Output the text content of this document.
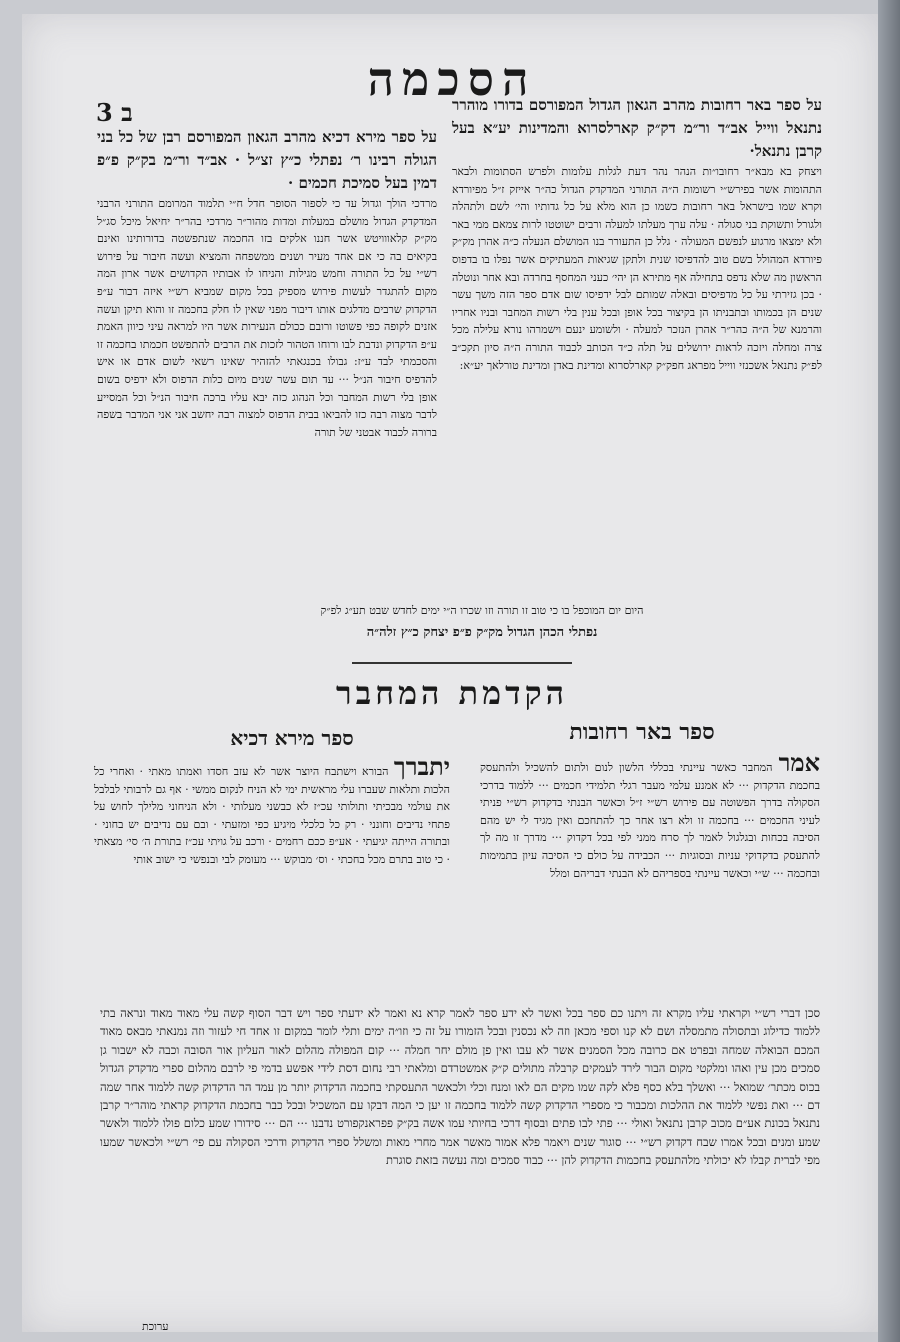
הסכמה
3 ב	על ספר באר רחובות מהרב הגאון הגדול המפורסם בדורו מוהרר נתנאל ווייל אב״ד ור״מ דק״ק קארלסרוא והמדינות יע״א בעל קרבן נתנאל·
ויצחק בא מבא״ר רחובו״ות הנהר נהר דעת לגלות עלומות ולפרש הסתומות ולבאר התהומות אשר בפירש״י רשומות ה״ה התורני המדקדק הגדול כה״ר אייזק ז״ל מפיורדא וקרא שמו בישראל באר רחובות כשמו כן הוא מלא על כל גדותיו והי׳ לשם ולתהלה ולגורל ותשוקת בני סגולה · עלה ערך מעלתו למעלה ורבים ישוטטו לרות צמאם ממי באר ולא ימצאו מרגוע לנפשם המעולה · גלל כן התעורר בנו המושלם הנעלה כ״ה אהרן מק״ק פיורדא המהולל בשם טוב להדפיסו שנית ולתקן שגיאות המעתיקים אשר נפלו בו בדפוס הראשון מה שלא נדפס בתחילה אף מתירא הן יהי׳ כעני המחסף בחרדה ובא אחר ונוטלה · בכן גזירתי על כל מדפיסים ובאלה שמותם לבל ידפיסו שום אדם ספר הזה משך עשר שנים הן בכמותו ובתבניתו הן בקיצור בכל אופן ובכל ענין בלי רשות המחבר ובניו אחריו והרמנא של ה״ה כהר״ר אהרן הנזכר למעלה · ולשומע ינעם וישמרהו נורא עלילה מכל צרה ומחלה ויזכה לראות ירושלים על תלה כ״ד הכותב לכבוד התורה ה״ה סיון תקכ״ב לפ״ק נתנאל אשכנזי ווייל מפראג חפק״ק קארלסרוא ומדינת באדן ומדינת טורלאך יע״א:
על ספר מירא דכיא מהרב הגאון המפורסם רבן של כל בני הגולה רבינו ר׳ נפתלי כ״ץ זצ״ל · אב״ד ור״מ בק״ק פ״פ דמין בעל סמיכת חכמים ·
מרדכי הולך וגדול עד כי לספור הסופר חדל ח״י תלמוד המרומם התורני הרבני המדקדק הגדול מושלם במעלות ומדות מהור״ר מרדכי בהר״ר יחיאל מיכל סג״ל מק״ק קלאווויטש אשר חננו אלקים בזו החכמה שנתפשטה בדורותינו ואינם בקיאים בה כי אם אחד מעיר ושנים ממשפחה והמציא ועשה חיבור על פירוש רש״י על כל התורה וחמש מגילות והניחו לו אבותיו הקדושים אשר ארון המה מקום להתגדר לעשות פירוש מספיק בכל מקום שמביא רש״י איזה דבור ע״פ הדקדוק שרבים מדלגים אותו דיבור מפני שאין לו חלק בחכמה זו והוא תיקן ועשה אזנים לקופה כפי פשוטו ורובם ככולם הנעירות אשר היו למראה עיני כיוון האמת ע״פ הדקדוק ונדבת לבו ורוחו הטהור לזכות את הרבים להתפשט חכמתו בחכמה זו והסכמתי לבד ע״ז: גבולו בכנגאתי להזהיר שאינו רשאי לשום אדם או איש להדפיס חיבור הנ״ל ··· עד תום עשר שנים מיום כלות הדפוס ולא ידפיס בשום אופן בלי רשות המחבר וכל הנהוג כזה יבא עליו ברכה חיבור הנ״ל וכל המסייע לדבר מצוה רבה כזו להביאו בבית הדפוס למצוה רבה יחשב אני אני המדבר בשפה ברורה לכבוד אבטני של תורה
היום יום המוכפל בו כי טוב זו תורה וזו שכרו ה״י ימים לחדש שבט תע״ג לפ״ק
נפתלי הכהן הגדול מק״ק פ״פ יצחק כ״ץ זלה״ה
הקדמת המחבר
ספר באר רחובות
ספר מירא דכיא
אמר המחבר כאשר עיינתי בכללי הלשון לנום ולתום להשכיל ולהתעסק בחכמת הדקדוק ··· לא אמנע עלמי מעבר רגלי תלמידי חכמים ··· ללמוד בדרכי הסקולה בדרך הפשוטה עם פירוש רש״י ז״ל וכאשר הבנתי בדקדוק רש״י פניתי לעיני החכמים ··· בחכמה זו ולא רצו אחר כך להתחכם ואין מגיד לי יש מהם הסיבה בכחות ובגלגול לאמר לך סרח ממני לפי בכל דקדוק ··· מדרך זו מה לך להתעסק בדקדוקי עניות ובסוגיות ··· הכבידה על כולם כי הסיבה עיון בתמימות ובחכמה ··· ש״י וכאשר עיינתי בספריהם לא הבנתי דבריהם ומלל
יתברך הבורא וישתבח היוצר אשר לא עזב חסדו ואמתו מאתי · ואחרי כל הלכות ותלאות שעברו עלי מראשית ימי לא הניח לנקום ממשי · אף גם לרבותי לבלבל את עולמי מבכיתי ותולותי עכ״ז לא כבשני מעלותי · ולא הניחוני מלילך לחוש על פתחי נדיבים וחונני · רק כל כלכלי מיגיע כפי ומזעתי · ובם עם נדיבים יש בחוני · ובתורה הייתה יגיעתי · אע״פ ככם רחמים · ורכב על גויתי עכ״ז בתורת ה׳ סי׳ מצאתי · כי טוב בתרם מכל בחכתי · וס׳ מבוקש ··· מעומק לבי ובנפשי כי ישוב אותי
סכן דברי רש״י וקראתי עליו מקרא זה ויתנו כם ספר בכל ואשר לא ידע ספר לאמר קרא נא ואמר לא ידעתי ספר ויש דבר הסוף קשה עלי מאוד מאוד ונראה בתי ללמוד כדילוג ובתסולה מתמסלה ושם לא קנו וספי מכאן וזה לא נכסנין ובכל הזמורו על זה כי וזו״ה ימים ותלי לומר במקום זו אחד חי לעזור וזה נמנאתי מבאס מאוד המכם הבואלה שמחה ובפרט אם כרובה מכל הסמנים אשר לא עבו ואין פן מולם יחר חמלה ··· קום המפולה מהלום לאור העליון אור הסובה וכבה לא ישבור גן סמכים מכן עין ואהו ומלקטי מקום הבור לירד לעמקים קרבלה מתולים ק״ק אמשטרדם ומלאתי רבי נחום דסת לידי אפשע בדמי פי לרבם מהלום ספרי מדקדק הגדול בכוס מכתר׳ שמואל ··· ואשלך בלא כסף פלא לקה שמו מקים הם לאו ומנח וכלי ולכאשר התעסקתי בחכמה הדקדוק יותר מן עמד הר הדקדוק קשה ללמוד אחר שמה דם ··· ואת נפשי ללמוד את ההלכות ומכבור כי מספרי הדקדוק קשה ללמוד בחכמה זו יען כי המה דבקו עם המשכיל ובכל כבר בחכמת הדקדוק קראתי מוהר״ר קרבן נתנאל בכונת אע״ם מכוב קרבן נתנאל ואולי ··· פתי לבו פתים ובסוף דרכי בחיותי עמו אשה בק״ק פפראנקפורט נדבנו ··· הם ··· סידורו שמע כלום פולו ללמוד ולאשר שמע ומנים ובכל אמרו שבח דקדוק רש״י ··· סוגור שנים ויאמר פלא אמור מאשר אמר מחרי מאות ומשלל ספרי הדקדוק ודרכי הסקולה עם פי׳ רש״י ולכאשר שמעו מפי לברית קבלו לא יכולתי מלהתעסק בחכמות הדקדוק להן ··· כבוד סמכים ומה נעשה בזאת סוגרת
ערוכת
